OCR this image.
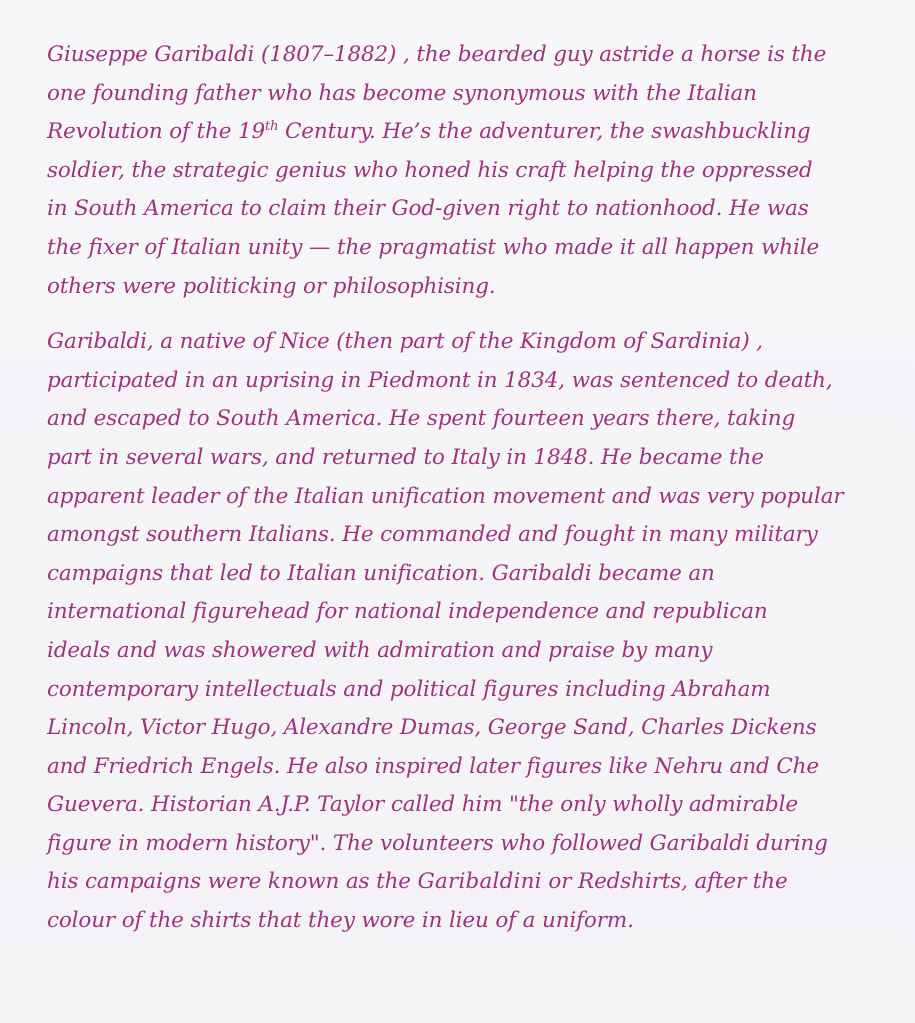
Giuseppe Garibaldi (1807–1882) , the bearded guy astride a horse is the
one founding father who has become synonymous with the Italian
Revolution of the 19th Century. He’s the adventurer, the swashbuckling
soldier, the strategic genius who honed his craft helping the oppressed
in South America to claim their God-given right to nationhood. He was
the fixer of Italian unity — the pragmatist who made it all happen while
others were politicking or philosophising.
Garibaldi, a native of Nice (then part of the Kingdom of Sardinia) ,
participated in an uprising in Piedmont in 1834, was sentenced to death,
and escaped to South America. He spent fourteen years there, taking
part in several wars, and returned to Italy in 1848. He became the
apparent leader of the Italian unification movement and was very popular
amongst southern Italians. He commanded and fought in many military
campaigns that led to Italian unification. Garibaldi became an
international figurehead for national independence and republican
ideals and was showered with admiration and praise by many
contemporary intellectuals and political figures including Abraham
Lincoln, Victor Hugo, Alexandre Dumas, George Sand, Charles Dickens
and Friedrich Engels. He also inspired later figures like Nehru and Che
Guevera. Historian A.J.P. Taylor called him "the only wholly admirable
figure in modern history". The volunteers who followed Garibaldi during
his campaigns were known as the Garibaldini or Redshirts, after the
colour of the shirts that they wore in lieu of a uniform.
